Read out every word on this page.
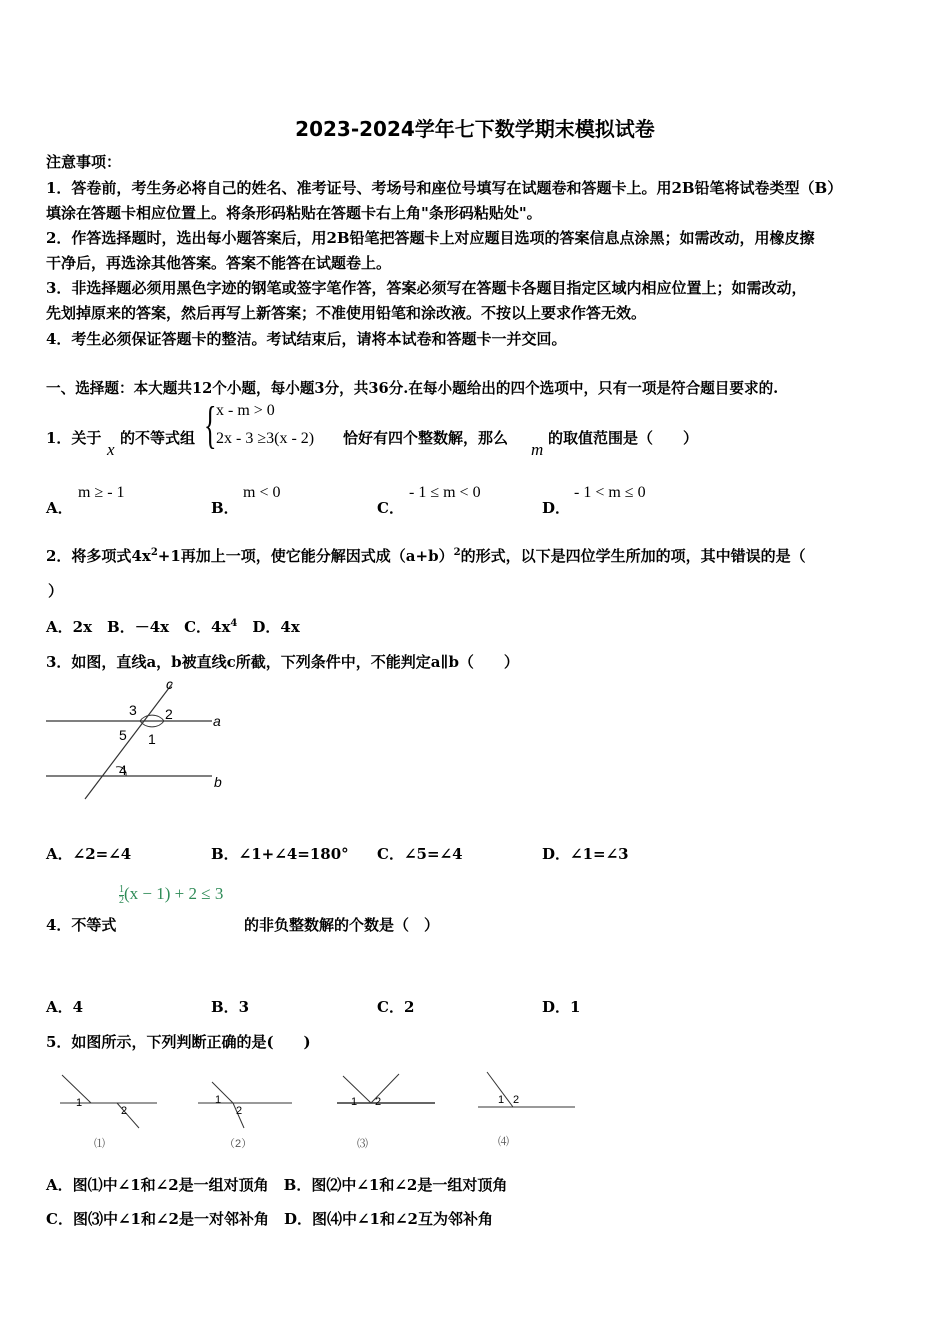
2023-2024学年七下数学期末模拟试卷
注意事项：
1．答卷前，考生务必将自己的姓名、准考证号、考场号和座位号填写在试题卷和答题卡上。用2B铅笔将试卷类型（B）
填涂在答题卡相应位置上。将条形码粘贴在答题卡右上角"条形码粘贴处"。
2．作答选择题时，选出每小题答案后，用2B铅笔把答题卡上对应题目选项的答案信息点涂黑；如需改动，用橡皮擦
干净后，再选涂其他答案。答案不能答在试题卷上。
3．非选择题必须用黑色字迹的钢笔或签字笔作答，答案必须写在答题卡各题目指定区域内相应位置上；如需改动，
先划掉原来的答案，然后再写上新答案；不准使用铅笔和涂改液。不按以上要求作答无效。
4．考生必须保证答题卡的整洁。考试结束后，请将本试卷和答题卡一并交回。
一、选择题：本大题共12个小题，每小题3分，共36分.在每小题给出的四个选项中，只有一项是符合题目要求的.
1．关于
x
的不等式组 { x - m > 0
2x - 3 ≥3(x - 2) 恰好有四个整数解，那么
m
的取值范围是（　　）
A．
m ≥ - 1
B．
m < 0
C．
- 1 ≤ m < 0
D．
- 1 < m ≤ 0
2．将多项式$4x^2+1$再加上一项，使它能分解因式成$(a+b)^2$的形式，以下是四位学生所加的项，其中错误的是（
）
A．2x　B．－4x　C．$4x^4$　D．4x
3．如图，直线a，b被直线c所截，下列条件中，不能判定a∥b（　　）
c
a
b
3 2
5 1
4
A．∠2=∠4	B．∠1+∠4=180° C．∠5=∠4	D．∠1=∠3
$\frac{1}{2} (x - 1) + 2 \le 3$
4．不等式	的非负整数解的个数是（　）
A．4	B．3	C．2	D．1
5．如图所示，下列判断正确的是(　　)
1
2
⑴
1
2
（2）
1 2
⑶
1 2
⑷
A．图⑴中∠1和∠2是一组对顶角　B．图⑵中∠1和∠2是一组对顶角
C．图⑶中∠1和∠2是一对邻补角　D．图⑷中∠1和∠2互为邻补角
